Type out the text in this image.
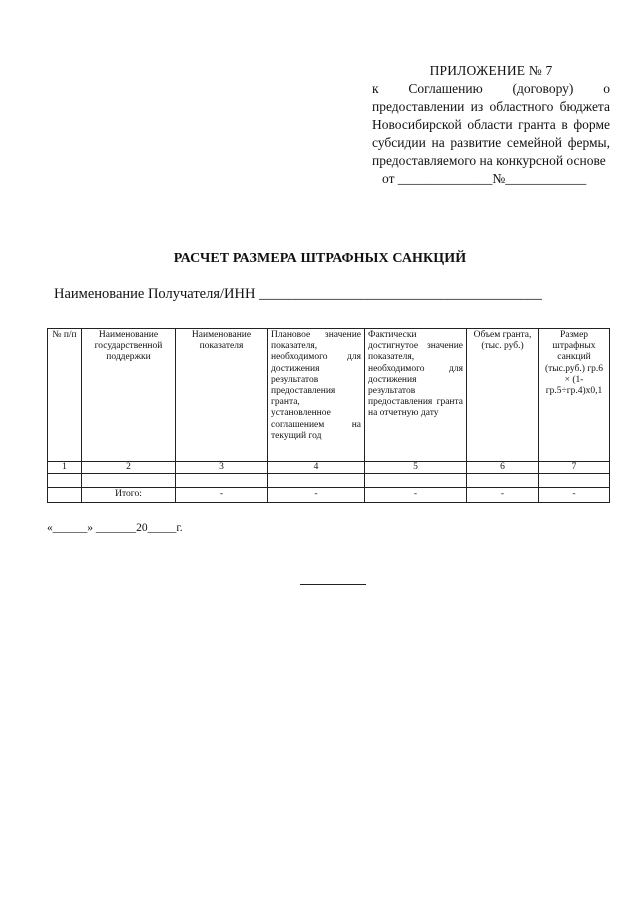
ПРИЛОЖЕНИЕ № 7
к Соглашению (договору) о предоставлении из областного бюджета Новосибирской области гранта в форме субсидии на развитие семейной фермы, предоставляемого на конкурсной основе
от ______________№____________
РАСЧЕТ РАЗМЕРА ШТРАФНЫХ САНКЦИЙ
Наименование Получателя/ИНН _______________________________________
№ п/п	Наименование государственной поддержки	Наименование показателя	Плановое значение показателя, необходимого для достижения результатов предоставления гранта, установленное соглашением на текущий год	Фактически достигнутое значение показателя, необходимого для достижения результатов предоставления гранта на отчетную дату	Объем гранта, (тыс. руб.)	Размер штрафных санкций (тыс.руб.) гр.6 × (1-гр.5÷гр.4)х0,1
1	2	3	4	5	6	7

	Итого:	-	-	-	-	-
«______» _______20_____г.
